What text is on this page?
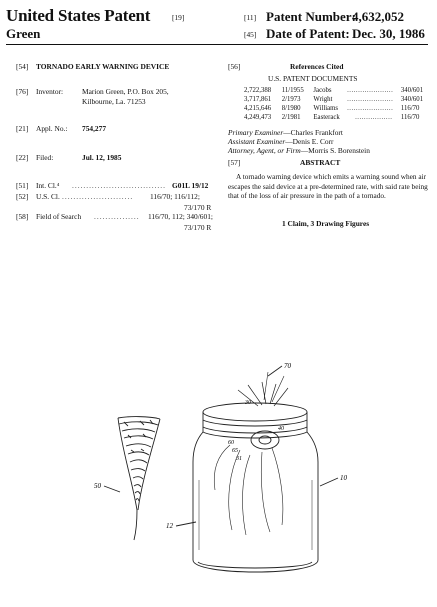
United States Patent	[19]
Green
[11] Patent Number:
4,632,052
[45] Date of Patent: Dec. 30, 1986
[54] TORNADO EARLY WARNING DEVICE
[76] Inventor:	Marion Green, P.O. Box 205,
Kilbourne, La. 71253
[21] Appl. No.: 754,277
[22] Filed:	Jul. 12, 1985
[51] Int. Cl.⁴ ................................. G01L 19/12
[52] U.S. Cl. ......................... 116/70; 116/112;
73/170 R
[58] Field of Search ................ 116/70, 112; 340/601;
73/170 R
[56]	References Cited
U.S. PATENT DOCUMENTS
2,722,388 11/1955 Jacobs ..................... 340/601
3,717,861 2/1973 Wright ..................... 340/601
4,215,646 8/1980 Williams ..................... 116/70
4,249,473 2/1981 Easterack ................. 116/70
Primary Examiner—Charles Frankfort
Assistant Examiner—Denis E. Corr
Attorney, Agent, or Firm—Morris S. Borenstein
[57]	ABSTRACT
A tornado warning device which emits a warning sound when air escapes the said device at a pre-determined rate, with said rate being that of the loss of air pressure in the path of a tornado.
1 Claim, 3 Drawing Figures
70
50
10
12
30
60
65
31
40
